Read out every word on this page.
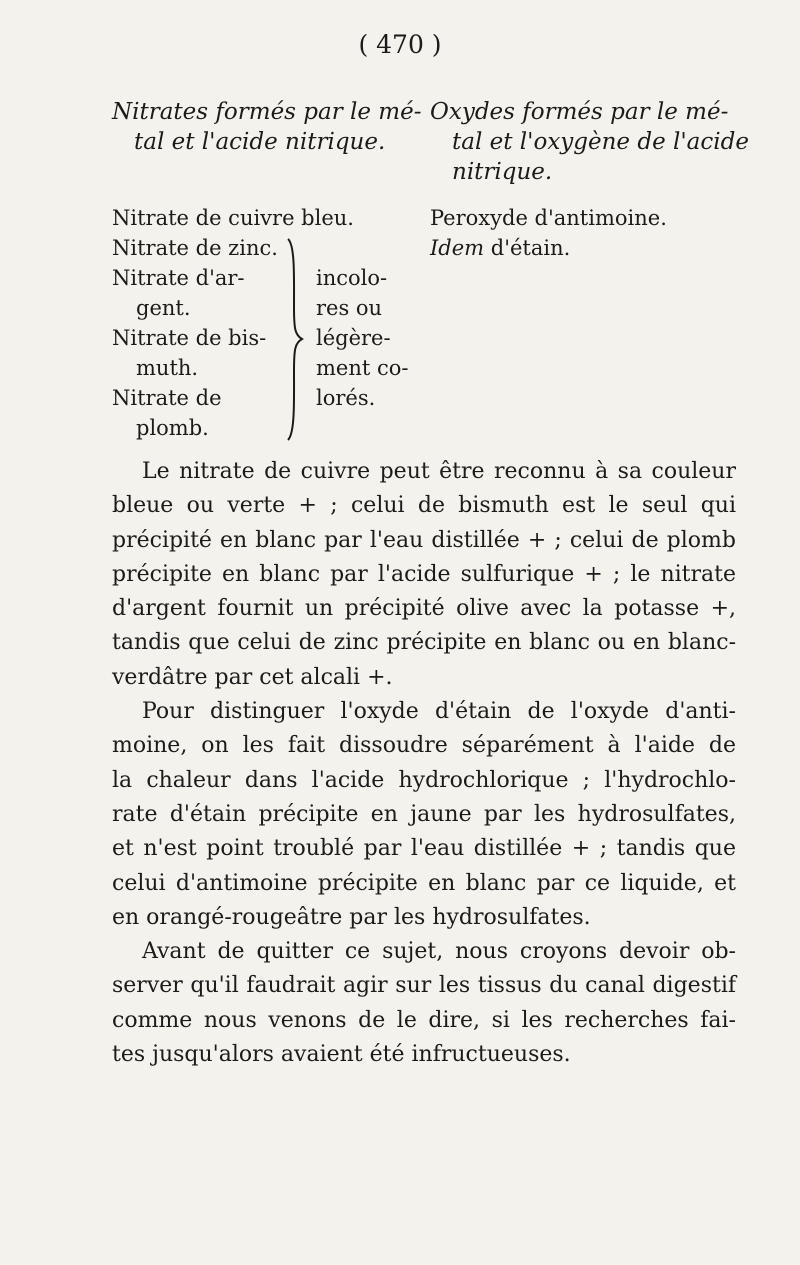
( 470 )
Nitrates formés par le mé-
tal et l'acide nitrique.
Oxydes formés par le mé-
tal et l'oxygène de l'acide
nitrique.
Nitrate de cuivre bleu.
Nitrate de zinc.
Nitrate d'ar-
gent.
Nitrate de bis-
muth.
Nitrate de
plomb.
incolo-
res ou
légère-
ment co-
lorés.
Peroxyde d'antimoine.
Idem d'étain.
Le nitrate de cuivre peut être reconnu à sa couleur
bleue ou verte + ; celui de bismuth est le seul qui
précipité en blanc par l'eau distillée + ; celui de plomb
précipite en blanc par l'acide sulfurique + ; le nitrate
d'argent fournit un précipité olive avec la potasse +,
tandis que celui de zinc précipite en blanc ou en blanc-
verdâtre par cet alcali +.
Pour distinguer l'oxyde d'étain de l'oxyde d'anti-
moine, on les fait dissoudre séparément à l'aide de
la chaleur dans l'acide hydrochlorique ; l'hydrochlo-
rate d'étain précipite en jaune par les hydrosulfates,
et n'est point troublé par l'eau distillée + ; tandis que
celui d'antimoine précipite en blanc par ce liquide, et
en orangé-rougeâtre par les hydrosulfates.
Avant de quitter ce sujet, nous croyons devoir ob-
server qu'il faudrait agir sur les tissus du canal digestif
comme nous venons de le dire, si les recherches fai-
tes jusqu'alors avaient été infructueuses.
